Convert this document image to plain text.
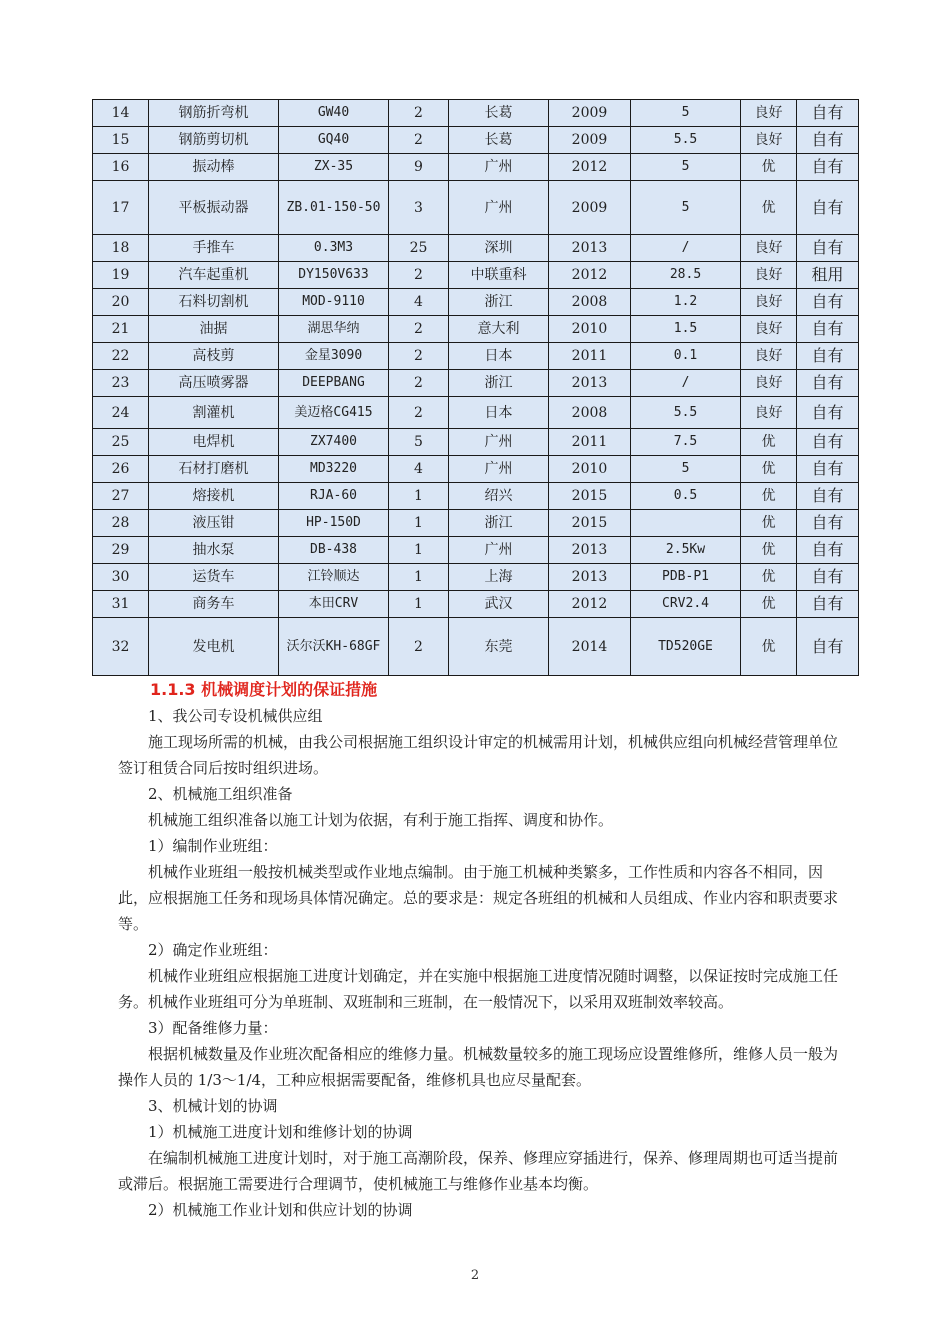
14	钢筋折弯机	GW40	2	长葛	2009	5	良好	自有
15	钢筋剪切机	GQ40	2	长葛	2009	5.5	良好	自有
16	振动棒	ZX-35	9	广州	2012	5	优	自有
17	平板振动器	ZB.01-150-50	3	广州	2009	5	优	自有
18	手推车	0.3M3	25	深圳	2013	/	良好	自有
19	汽车起重机	DY150V633	2	中联重科	2012	28.5	良好	租用
20	石料切割机	MOD-9110	4	浙江	2008	1.2	良好	自有
21	油据	湖思华纳	2	意大利	2010	1.5	良好	自有
22	高枝剪	金星3090	2	日本	2011	0.1	良好	自有
23	高压喷雾器	DEEPBANG	2	浙江	2013	/	良好	自有
24	割灌机	美迈格CG415	2	日本	2008	5.5	良好	自有
25	电焊机	ZX7400	5	广州	2011	7.5	优	自有
26	石材打磨机	MD3220	4	广州	2010	5	优	自有
27	熔接机	RJA-60	1	绍兴	2015	0.5	优	自有
28	液压钳	HP-150D	1	浙江	2015		优	自有
29	抽水泵	DB-438	1	广州	2013	2.5Kw	优	自有
30	运货车	江铃顺达	1	上海	2013	PDB-P1	优	自有
31	商务车	本田CRV	1	武汉	2012	CRV2.4	优	自有
32	发电机	沃尔沃KH-68GF	2	东莞	2014	TD520GE	优	自有

1.1.3 机械调度计划的保证措施

1、我公司专设机械供应组

施工现场所需的机械，由我公司根据施工组织设计审定的机械需用计划，机械供应组向机械经营管理单位签订租赁合同后按时组织进场。

2、机械施工组织准备

机械施工组织准备以施工计划为依据，有利于施工指挥、调度和协作。

1）编制作业班组：

机械作业班组一般按机械类型或作业地点编制。由于施工机械种类繁多，工作性质和内容各不相同，因此，应根据施工任务和现场具体情况确定。总的要求是：规定各班组的机械和人员组成、作业内容和职责要求等。

2）确定作业班组：

机械作业班组应根据施工进度计划确定，并在实施中根据施工进度情况随时调整，以保证按时完成施工任务。机械作业班组可分为单班制、双班制和三班制，在一般情况下，以采用双班制效率较高。

3）配备维修力量：

根据机械数量及作业班次配备相应的维修力量。机械数量较多的施工现场应设置维修所，维修人员一般为操作人员的 1/3～1/4，工种应根据需要配备，维修机具也应尽量配套。

3、机械计划的协调

1）机械施工进度计划和维修计划的协调

在编制机械施工进度计划时，对于施工高潮阶段，保养、修理应穿插进行，保养、修理周期也可适当提前或滞后。根据施工需要进行合理调节，使机械施工与维修作业基本均衡。

2）机械施工作业计划和供应计划的协调

2
